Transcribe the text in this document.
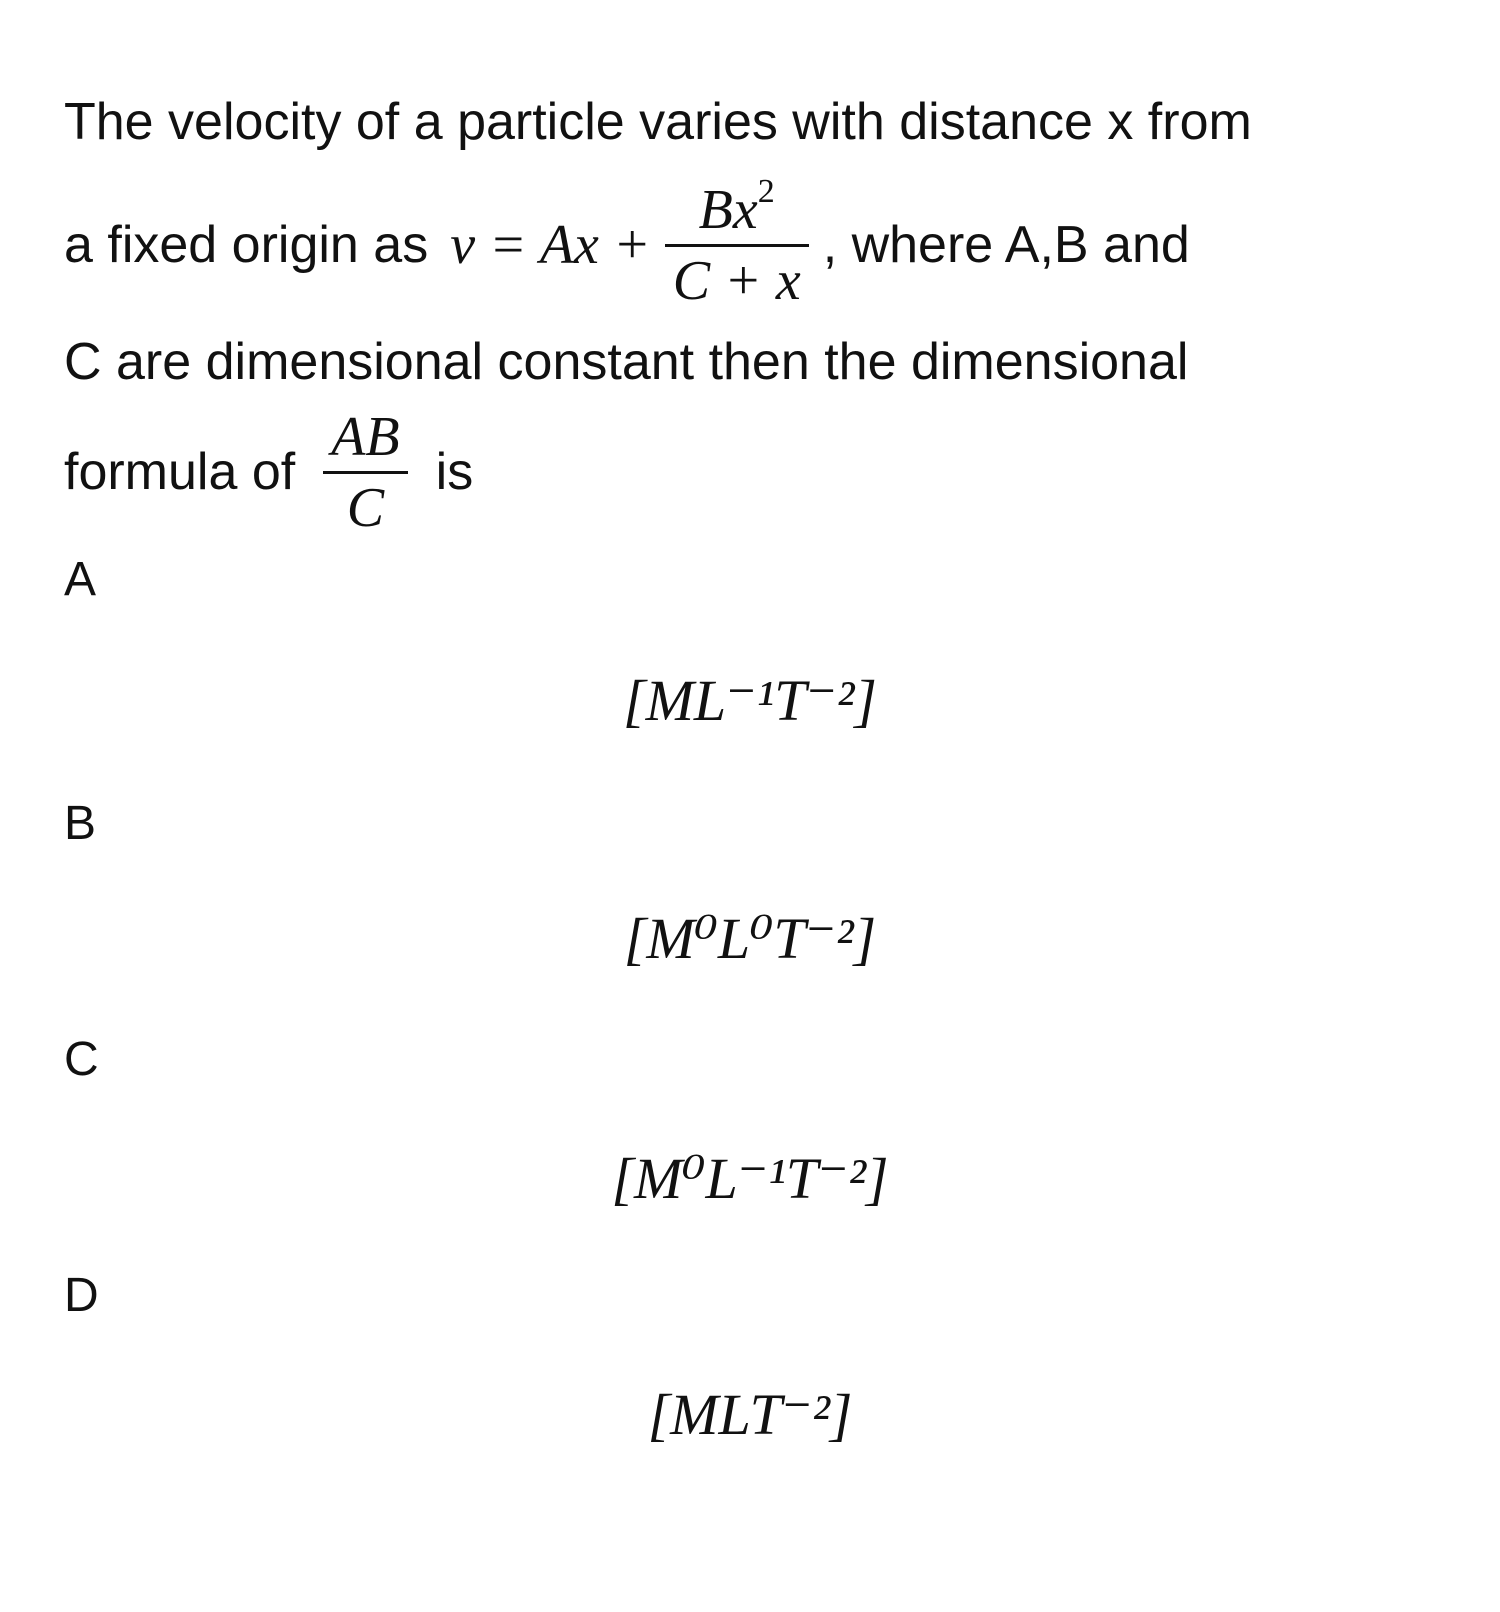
The velocity of a particle varies with distance x from
a fixed origin as $v = Ax + \frac{Bx^2}{C + x}$ , where A,B and
C are dimensional constant then the dimensional
formula of $\frac{AB}{C}$ is
A
[ML⁻¹T⁻²]
B
[M⁰L⁰T⁻²]
C
[M⁰L⁻¹T⁻²]
D
[MLT⁻²]
